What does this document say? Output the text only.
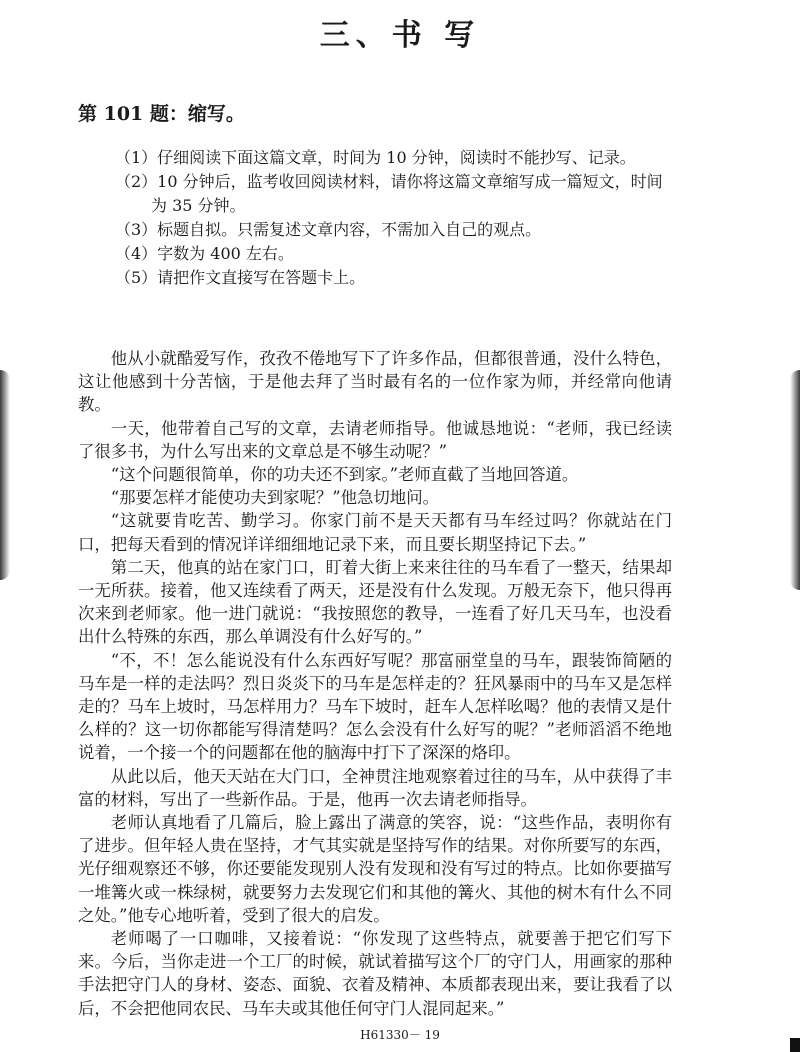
三、书 写
第 101 题：缩写。
（1）仔细阅读下面这篇文章，时间为 10 分钟，阅读时不能抄写、记录。
（2）10 分钟后，监考收回阅读材料，请你将这篇文章缩写成一篇短文，时间为 35 分钟。
（3）标题自拟。只需复述文章内容，不需加入自己的观点。
（4）字数为 400 左右。
（5）请把作文直接写在答题卡上。

他从小就酷爱写作，孜孜不倦地写下了许多作品，但都很普通，没什么特色，这让他感到十分苦恼，于是他去拜了当时最有名的一位作家为师，并经常向他请教。

一天，他带着自己写的文章，去请老师指导。他诚恳地说：“老师，我已经读了很多书，为什么写出来的文章总是不够生动呢？”

“这个问题很简单，你的功夫还不到家。”老师直截了当地回答道。

“那要怎样才能使功夫到家呢？”他急切地问。

“这就要肯吃苦、勤学习。你家门前不是天天都有马车经过吗？你就站在门口，把每天看到的情况详详细细地记录下来，而且要长期坚持记下去。”

第二天，他真的站在家门口，盯着大街上来来往往的马车看了一整天，结果却一无所获。接着，他又连续看了两天，还是没有什么发现。万般无奈下，他只得再次来到老师家。他一进门就说：“我按照您的教导，一连看了好几天马车，也没看出什么特殊的东西，那么单调没有什么好写的。”

“不，不！怎么能说没有什么东西好写呢？那富丽堂皇的马车，跟装饰简陋的马车是一样的走法吗？烈日炎炎下的马车是怎样走的？狂风暴雨中的马车又是怎样走的？马车上坡时，马怎样用力？马车下坡时，赶车人怎样吆喝？他的表情又是什么样的？这一切你都能写得清楚吗？怎么会没有什么好写的呢？”老师滔滔不绝地说着，一个接一个的问题都在他的脑海中打下了深深的烙印。

从此以后，他天天站在大门口，全神贯注地观察着过往的马车，从中获得了丰富的材料，写出了一些新作品。于是，他再一次去请老师指导。

老师认真地看了几篇后，脸上露出了满意的笑容，说：“这些作品，表明你有了进步。但年轻人贵在坚持，才气其实就是坚持写作的结果。对你所要写的东西，光仔细观察还不够，你还要能发现别人没有发现和没有写过的特点。比如你要描写一堆篝火或一株绿树，就要努力去发现它们和其他的篝火、其他的树木有什么不同之处。”他专心地听着，受到了很大的启发。

老师喝了一口咖啡，又接着说：“你发现了这些特点，就要善于把它们写下来。今后，当你走进一个工厂的时候，就试着描写这个厂的守门人，用画家的那种手法把守门人的身材、姿态、面貌、衣着及精神、本质都表现出来，要让我看了以后，不会把他同农民、马车夫或其他任何守门人混同起来。”

H61330－ 19
